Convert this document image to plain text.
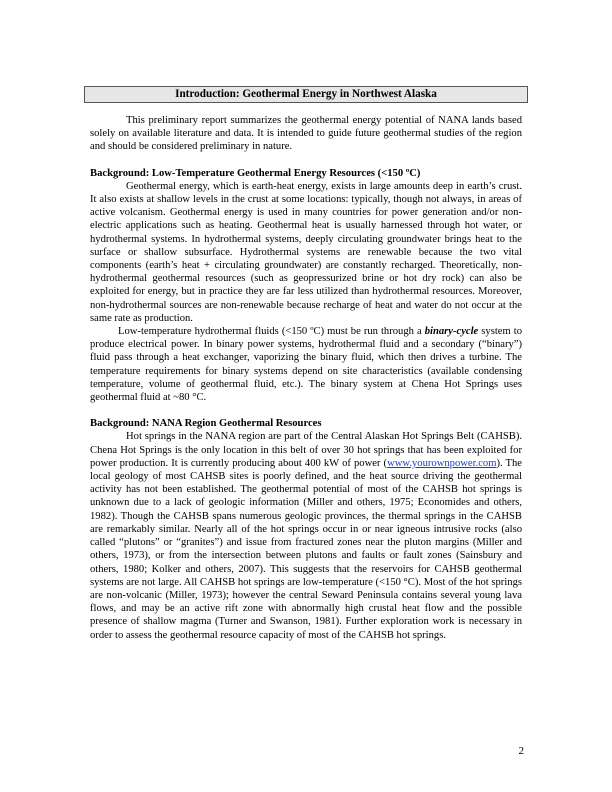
Introduction: Geothermal Energy in Northwest Alaska

This preliminary report summarizes the geothermal energy potential of NANA lands based solely on available literature and data. It is intended to guide future geothermal studies of the region and should be considered preliminary in nature.

Background: Low-Temperature Geothermal Energy Resources (<150 ºC)

Geothermal energy, which is earth-heat energy, exists in large amounts deep in earth’s crust. It also exists at shallow levels in the crust at some locations: typically, though not always, in areas of active volcanism. Geothermal energy is used in many countries for power generation and/or non-electric applications such as heating. Geothermal heat is usually harnessed through hot water, or hydrothermal systems. In hydrothermal systems, deeply circulating groundwater brings heat to the surface or shallow subsurface. Hydrothermal systems are renewable because the two vital components (earth’s heat + circulating groundwater) are constantly recharged. Theoretically, non-hydrothermal geothermal resources (such as geopressurized brine or hot dry rock) can also be exploited for energy, but in practice they are far less utilized than hydrothermal resources. Moreover, non-hydrothermal sources are non-renewable because recharge of heat and water do not occur at the same rate as production.

Low-temperature hydrothermal fluids (<150 ºC) must be run through a binary-cycle system to produce electrical power. In binary power systems, hydrothermal fluid and a secondary (“binary”) fluid pass through a heat exchanger, vaporizing the binary fluid, which then drives a turbine. The temperature requirements for binary systems depend on site characteristics (available condensing temperature, volume of geothermal fluid, etc.). The binary system at Chena Hot Springs uses geothermal fluid at ~80 °C.

Background: NANA Region Geothermal Resources

Hot springs in the NANA region are part of the Central Alaskan Hot Springs Belt (CAHSB). Chena Hot Springs is the only location in this belt of over 30 hot springs that has been exploited for power production. It is currently producing about 400 kW of power (www.yourownpower.com). The local geology of most CAHSB sites is poorly defined, and the heat source driving the geothermal activity has not been established. The geothermal potential of most of the CAHSB hot springs is unknown due to a lack of geologic information (Miller and others, 1975; Economides and others, 1982). Though the CAHSB spans numerous geologic provinces, the thermal springs in the CAHSB are remarkably similar. Nearly all of the hot springs occur in or near igneous intrusive rocks (also called “plutons” or “granites”) and issue from fractured zones near the pluton margins (Miller and others, 1973), or from the intersection between plutons and faults or fault zones (Sainsbury and others, 1980; Kolker and others, 2007). This suggests that the reservoirs for CAHSB geothermal systems are not large. All CAHSB hot springs are low-temperature (<150 °C). Most of the hot springs are non-volcanic (Miller, 1973); however the central Seward Peninsula contains several young lava flows, and may be an active rift zone with abnormally high crustal heat flow and the possible presence of shallow magma (Turner and Swanson, 1981). Further exploration work is necessary in order to assess the geothermal resource capacity of most of the CAHSB hot springs.

2
